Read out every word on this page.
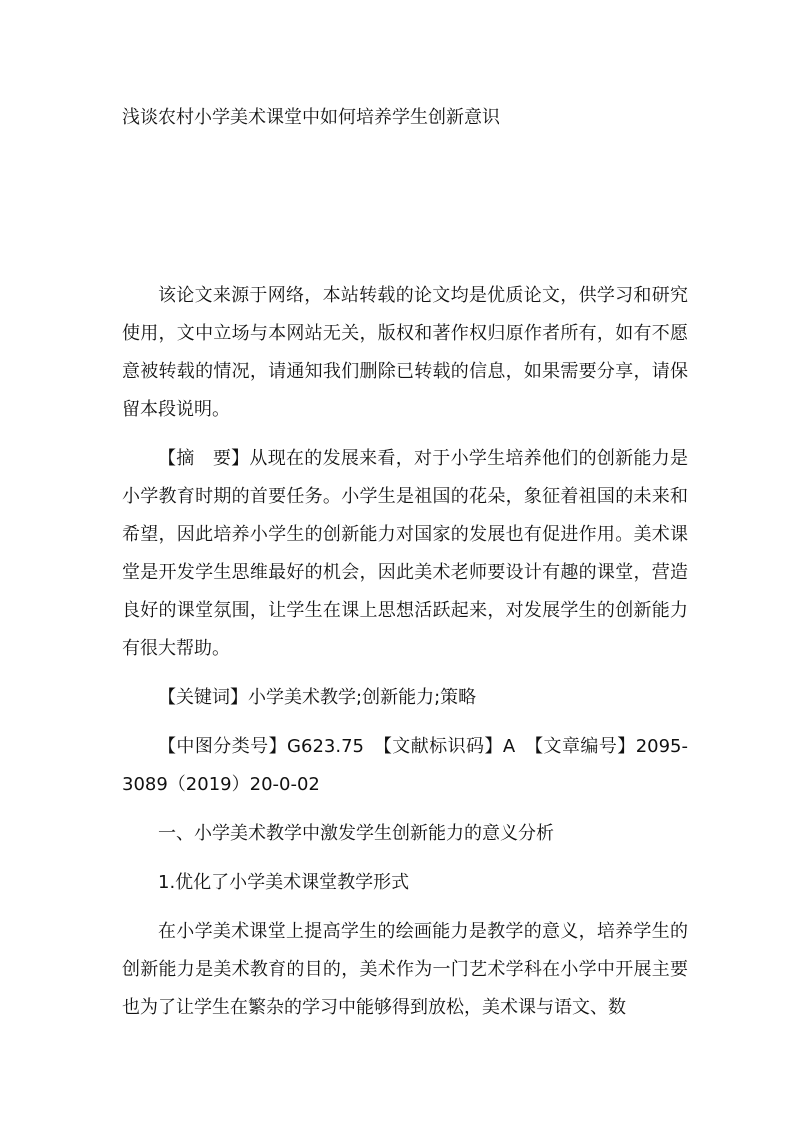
浅谈农村小学美术课堂中如何培养学生创新意识

该论文来源于网络，本站转载的论文均是优质论文，供学习和研究使用，文中立场与本网站无关，版权和著作权归原作者所有，如有不愿意被转载的情况，请通知我们删除已转载的信息，如果需要分享，请保留本段说明。

【摘　要】从现在的发展来看，对于小学生培养他们的创新能力是小学教育时期的首要任务。小学生是祖国的花朵，象征着祖国的未来和希望，因此培养小学生的创新能力对国家的发展也有促进作用。美术课堂是开发学生思维最好的机会，因此美术老师要设计有趣的课堂，营造良好的课堂氛围，让学生在课上思想活跃起来，对发展学生的创新能力有很大帮助。

【关键词】小学美术教学;创新能力;策略

【中图分类号】G623.75　【文献标识码】A　【文章编号】2095-3089（2019）20-0-02

一、小学美术教学中激发学生创新能力的意义分析

1.优化了小学美术课堂教学形式

在小学美术课堂上提高学生的绘画能力是教学的意义，培养学生的创新能力是美术教育的目的，美术作为一门艺术学科在小学中开展主要也为了让学生在繁杂的学习中能够得到放松，美术课与语文、数
